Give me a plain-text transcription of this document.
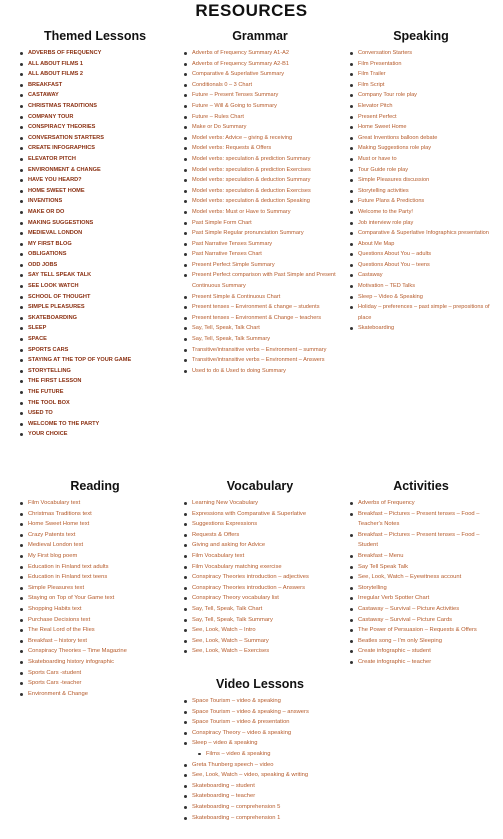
RESOURCES
Themed Lessons
ADVERBS OF FREQUENCY
ALL ABOUT FILMS 1
ALL ABOUT FILMS 2
BREAKFAST
CASTAWAY
CHRISTMAS TRADITIONS
COMPANY TOUR
CONSPIRACY THEORIES
CONVERSATION STARTERS
CREATE INFOGRAPHICS
ELEVATOR PITCH
ENVIRONMENT & CHANGE
HAVE YOU HEARD?
HOME SWEET HOME
INVENTIONS
MAKE OR DO
MAKING SUGGESTIONS
MEDIEVAL LONDON
MY FIRST BLOG
OBLIGATIONS
ODD JOBS
SAY TELL SPEAK TALK
SEE LOOK WATCH
SCHOOL OF THOUGHT
SIMPLE PLEASURES
SKATEBOARDING
SLEEP
SPACE
SPORTS CARS
STAYING AT THE TOP OF YOUR GAME
STORYTELLING
THE FIRST LESSON
THE FUTURE
THE TOOL BOX
USED TO
WELCOME TO THE PARTY
YOUR CHOICE
Grammar
Adverbs of Frequency Summary A1-A2
Adverbs of Frequency Summary A2-B1
Comparative & Superlative Summary
Conditionals 0 – 3 Chart
Future – Present Tenses Summary
Future – Will & Going to Summary
Future – Rules Chart
Make or Do Summary
Model verbs: Advice – giving & receiving
Model verbs: Requests & Offers
Model verbs: speculation & prediction Summary
Model verbs: speculation & prediction Exercises
Model verbs: speculation & deduction Summary
Model verbs: speculation & deduction Exercises
Model verbs: speculation & deduction Speaking
Model verbs: Must or Have to Summary
Past Simple Form Chart
Past Simple Regular pronunciation Summary
Past Narrative Tenses Summary
Past Narrative Tenses Chart
Present Perfect Simple Summary
Present Perfect comparison with Past Simple and Present Continuous Summary
Present Simple & Continuous Chart
Present tenses – Environment & change – students
Present tenses – Environment & Change – teachers
Say, Tell, Speak, Talk Chart
Say, Tell, Speak, Talk Summary
Transitive/intransitive verbs – Environment – summary
Transitive/intransitive verbs – Environment – Answers
Used to do & Used to doing Summary
Speaking
Conversation Starters
Film Presentation
Film Trailer
Film Script
Company Tour role play
Elevator Pitch
Present Perfect
Home Sweet Home
Great Inventions balloon debate
Making Suggestions role play
Must or have to
Tour Guide role play
Simple Pleasures discussion
Storytelling activities
Future Plans & Predictions
Welcome to the Party!
Job interview role play
Comparative & Superlative Infographics presentation
About Me Map
Questions About You – adults
Questions About You – teens
Castaway
Motivation – TED Talks
Sleep – Video & Speaking
Holiday – preferences – past simple – prepositions of place
Skateboarding
Reading
Film Vocabulary text
Christmas Traditions text
Home Sweet Home text
Crazy Patents text
Medieval London text
My First blog poem
Education in Finland text adults
Education in Finland text teens
Simple Pleasures text
Staying on Top of Your Game text
Shopping Habits text
Purchase Decisions text
The Real Lord of the Flies
Breakfast – history text
Conspiracy Theories – Time Magazine
Skateboarding history infographic
Sports Cars -student
Sports Cars -teacher
Environment & Change
Vocabulary
Learning New Vocabulary
Expressions with Comparative & Superlative
Suggestions Expressions
Requests & Offers
Giving and asking for Advice
Film Vocabulary text
Film Vocabulary matching exercise
Conspiracy Theories introduction – adjectives
Conspiracy Theories introduction – Answers
Conspiracy Theory vocabulary list
Say, Tell, Speak, Talk Chart
Say, Tell, Speak, Talk Summary
See, Look, Watch – Intro
See, Look, Watch – Summary
See, Look, Watch – Exercises
Video Lessons
Space Tourism – video & speaking
Space Tourism – video & speaking – answers
Space Tourism – video & presentation
Conspiracy Theory – video & speaking
Sleep – video & speaking
Films – video & speaking
Greta Thunberg speech – video
See, Look, Watch – video, speaking & writing
Skateboarding – student
Skateboarding – teacher
Skateboarding – comprehension 5
Skateboarding – comprehension 1
Activities
Adverbs of Frequency
Breakfast – Pictures – Present tenses – Food – Teacher's Notes
Breakfast – Pictures – Present tenses – Food – Student
Breakfast – Menu
Say Tell Speak Talk
See, Look, Watch – Eyewitness account
Storytelling
Irregular Verb Spotter Chart
Castaway – Survival – Picture Activities
Castaway – Survival – Picture Cards
The Power of Persuasion – Requests & Offers
Beatles song – I'm only Sleeping
Create infographic – student
Create infographic – teacher
